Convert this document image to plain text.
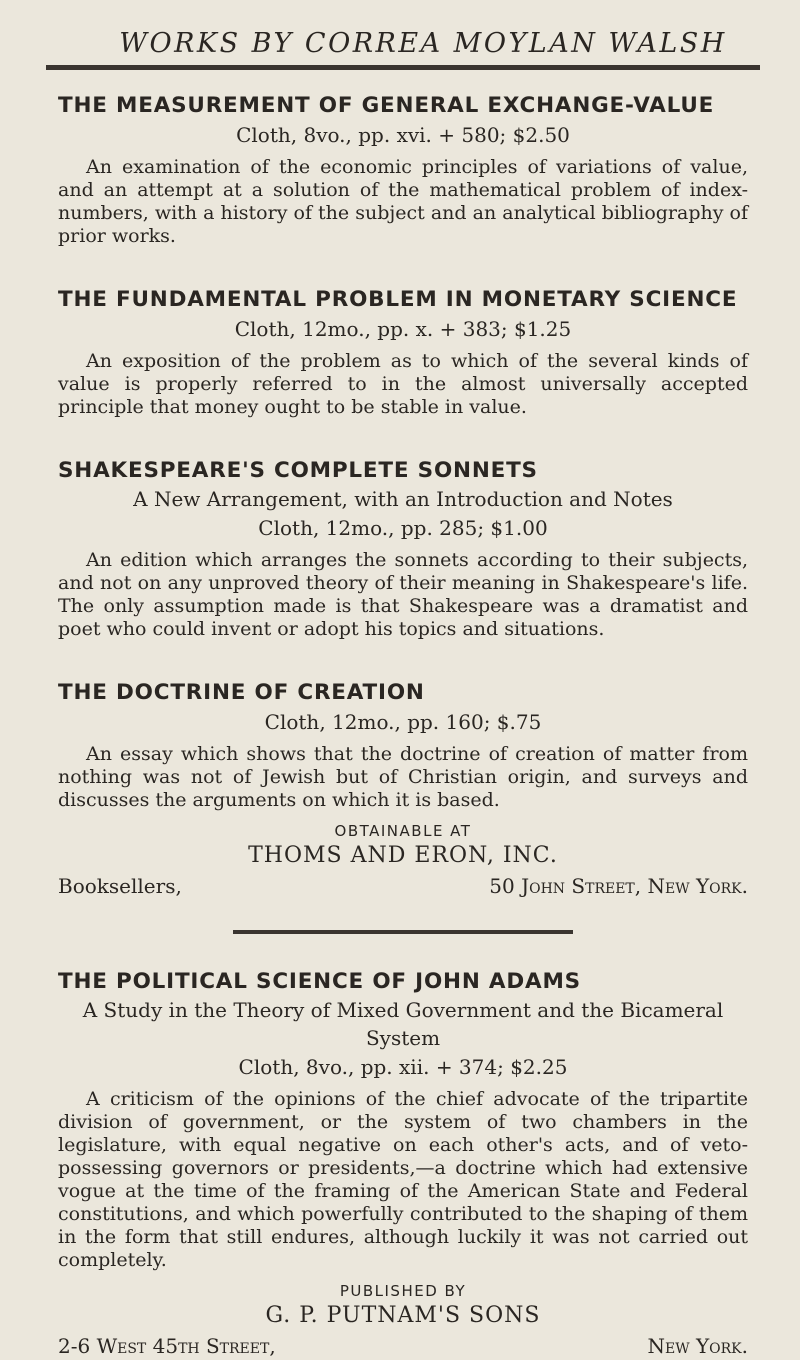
WORKS BY CORREA MOYLAN WALSH
THE MEASUREMENT OF GENERAL EXCHANGE-VALUE
Cloth, 8vo., pp. xvi. + 580; $2.50
An examination of the economic principles of variations of value, and an attempt at a solution of the mathematical problem of index-numbers, with a history of the subject and an analytical bibliography of prior works.
THE FUNDAMENTAL PROBLEM IN MONETARY SCIENCE
Cloth, 12mo., pp. x. + 383; $1.25
An exposition of the problem as to which of the several kinds of value is properly referred to in the almost universally accepted principle that money ought to be stable in value.
SHAKESPEARE'S COMPLETE SONNETS
A New Arrangement, with an Introduction and Notes
Cloth, 12mo., pp. 285; $1.00
An edition which arranges the sonnets according to their subjects, and not on any unproved theory of their meaning in Shakespeare's life. The only assumption made is that Shakespeare was a dramatist and poet who could invent or adopt his topics and situations.
THE DOCTRINE OF CREATION
Cloth, 12mo., pp. 160; $.75
An essay which shows that the doctrine of creation of matter from nothing was not of Jewish but of Christian origin, and surveys and discusses the arguments on which it is based.
OBTAINABLE AT
THOMS AND ERON, INC.
Booksellers,	50 John Street, New York.
THE POLITICAL SCIENCE OF JOHN ADAMS
A Study in the Theory of Mixed Government and the Bicameral System
Cloth, 8vo., pp. xii. + 374; $2.25
A criticism of the opinions of the chief advocate of the tripartite division of government, or the system of two chambers in the legislature, with equal negative on each other's acts, and of veto-possessing governors or presidents,—a doctrine which had extensive vogue at the time of the framing of the American State and Federal constitutions, and which powerfully contributed to the shaping of them in the form that still endures, although luckily it was not carried out completely.
PUBLISHED BY
G. P. PUTNAM'S SONS
2-6 West 45th Street,	New York.
